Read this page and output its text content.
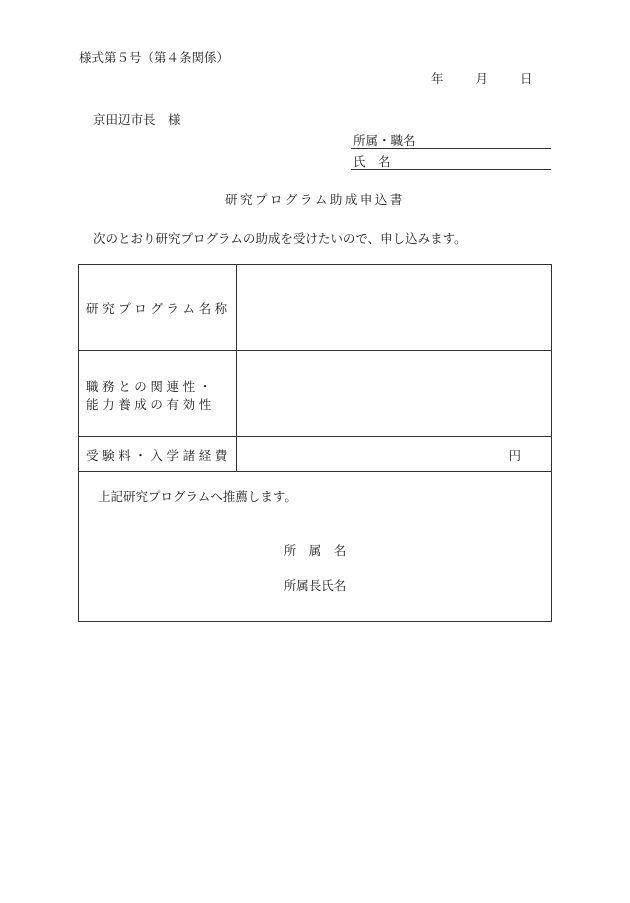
様式第５号（第４条関係）
年	月	日
京田辺市長　様
所属・職名
氏　名
研究プログラム助成申込書
次のとおり研究プログラムの助成を受けたいので、申し込みます。
研究プログラム名称
職務との関連性・
能力養成の有効性
受験料・入学諸経費	円
上記研究プログラムへ推薦します。
所　属　名
所属長氏名
